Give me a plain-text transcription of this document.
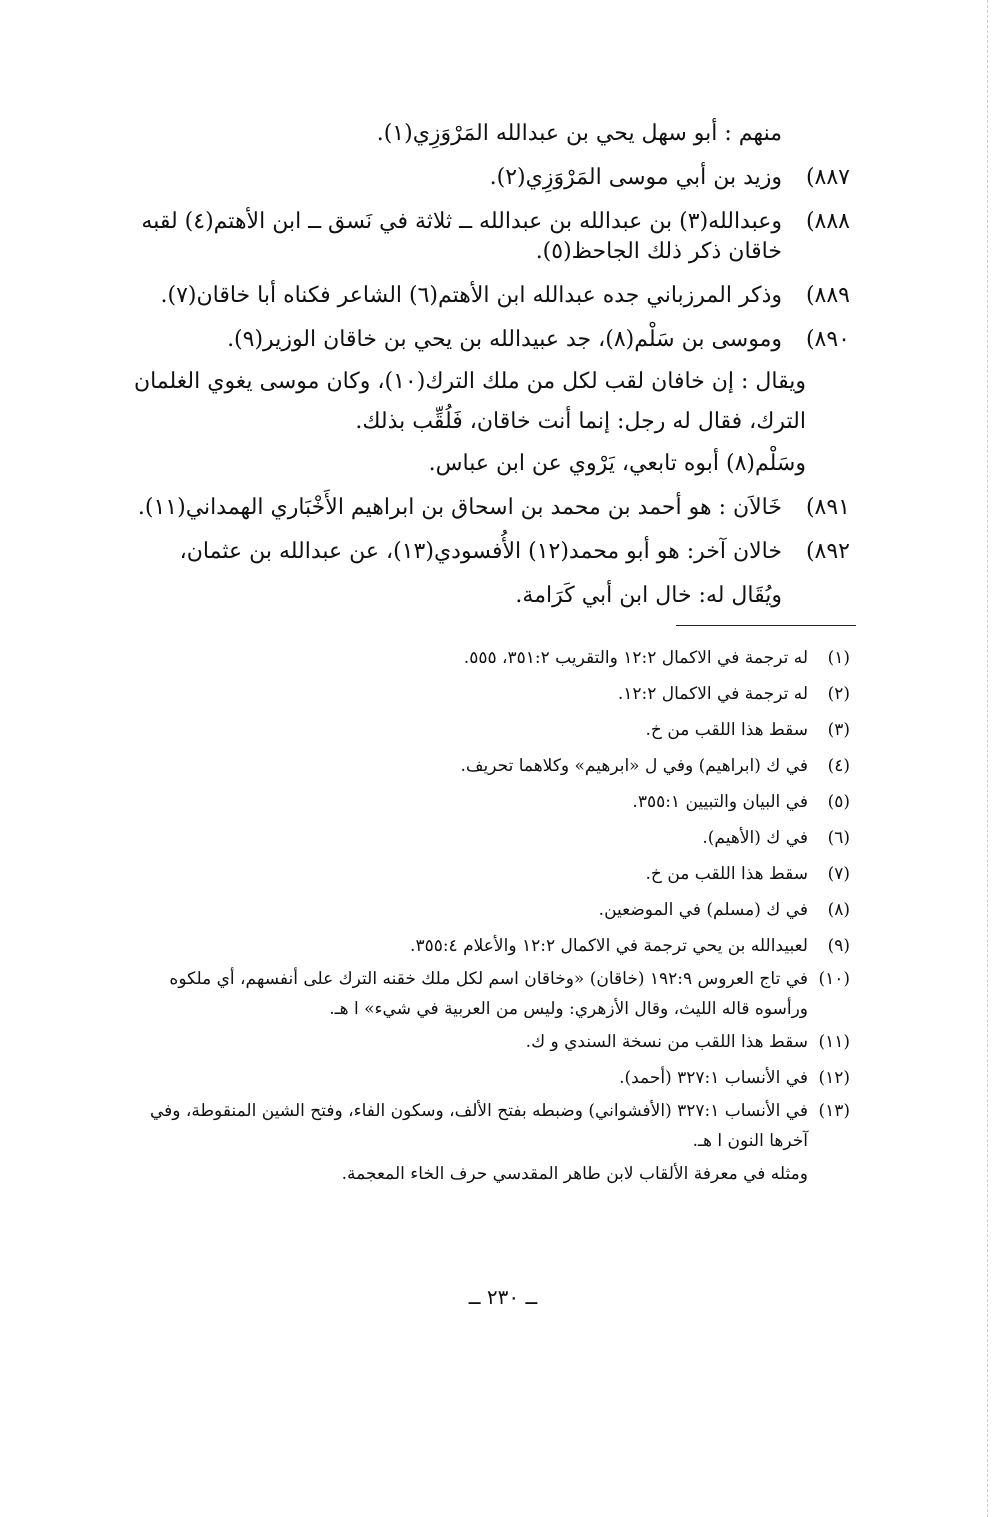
منهم : أبو سهل يحي بن عبدالله المَرْوَزِي(١).
٨٨٧)
وزيد بن أبي موسى المَرْوَزِي(٢).
٨٨٨)
وعبدالله(٣) بن عبدالله بن عبدالله ــ ثلاثة في نَسق ــ ابن الأهتم(٤) لقبه خاقان ذكر ذلك الجاحظ(٥).
٨٨٩)
وذكر المرزباني جده عبدالله ابن الأهتم(٦) الشاعر فكناه أبا خاقان(٧).
٨٩٠)
وموسى بن سَلْم(٨)، جد عبيدالله بن يحي بن خاقان الوزير(٩).
ويقال : إن خافان لقب لكل من ملك الترك(١٠)، وكان موسى يغوي الغلمان الترك، فقال له رجل: إنما أنت خاقان، فَلُقِّب بذلك.
وسَلْم(٨) أبوه تابعي، يَرْوي عن ابن عباس.
٨٩١)
خَالاَن : هو أحمد بن محمد بن اسحاق بن ابراهيم الأَخْبَاري الهمداني(١١).
٨٩٢)
خالان آخر: هو أبو محمد(١٢) الأُفسودي(١٣)، عن عبدالله بن عثمان، ويُقَال له: خال ابن أبي كَرَامة.
(١)
له ترجمة في الاكمال ١٢:٢ والتقريب ٣٥١:٢، ٥٥٥.
(٢)
له ترجمة في الاكمال ١٢:٢.
(٣)
سقط هذا اللقب من خ.
(٤)
في ك (ابراهيم) وفي ل «ابرهيم» وكلاهما تحريف.
(٥)
في البيان والتبيين ٣٥٥:١.
(٦)
في ك (الأهيم).
(٧)
سقط هذا اللقب من خ.
(٨)
في ك (مسلم) في الموضعين.
(٩)
لعبيدالله بن يحي ترجمة في الاكمال ١٢:٢ والأعلام ٣٥٥:٤.
(١٠)
في تاج العروس ١٩٢:٩ (خاقان) «وخاقان اسم لكل ملك خقنه الترك على أنفسهم، أي ملكوه ورأسوه قاله الليث، وقال الأزهري: وليس من العربية في شيء» ا هـ.
(١١)
سقط هذا اللقب من نسخة السندي و ك.
(١٢)
في الأنساب ٣٢٧:١ (أحمد).
(١٣)
في الأنساب ٣٢٧:١ (الأفشواني) وضبطه بفتح الألف، وسكون الفاء، وفتح الشين المنقوطة، وفي آخرها النون ا هـ.
ومثله في معرفة الألقاب لابن طاهر المقدسي حرف الخاء المعجمة.
ــ ٢٣٠ ــ
